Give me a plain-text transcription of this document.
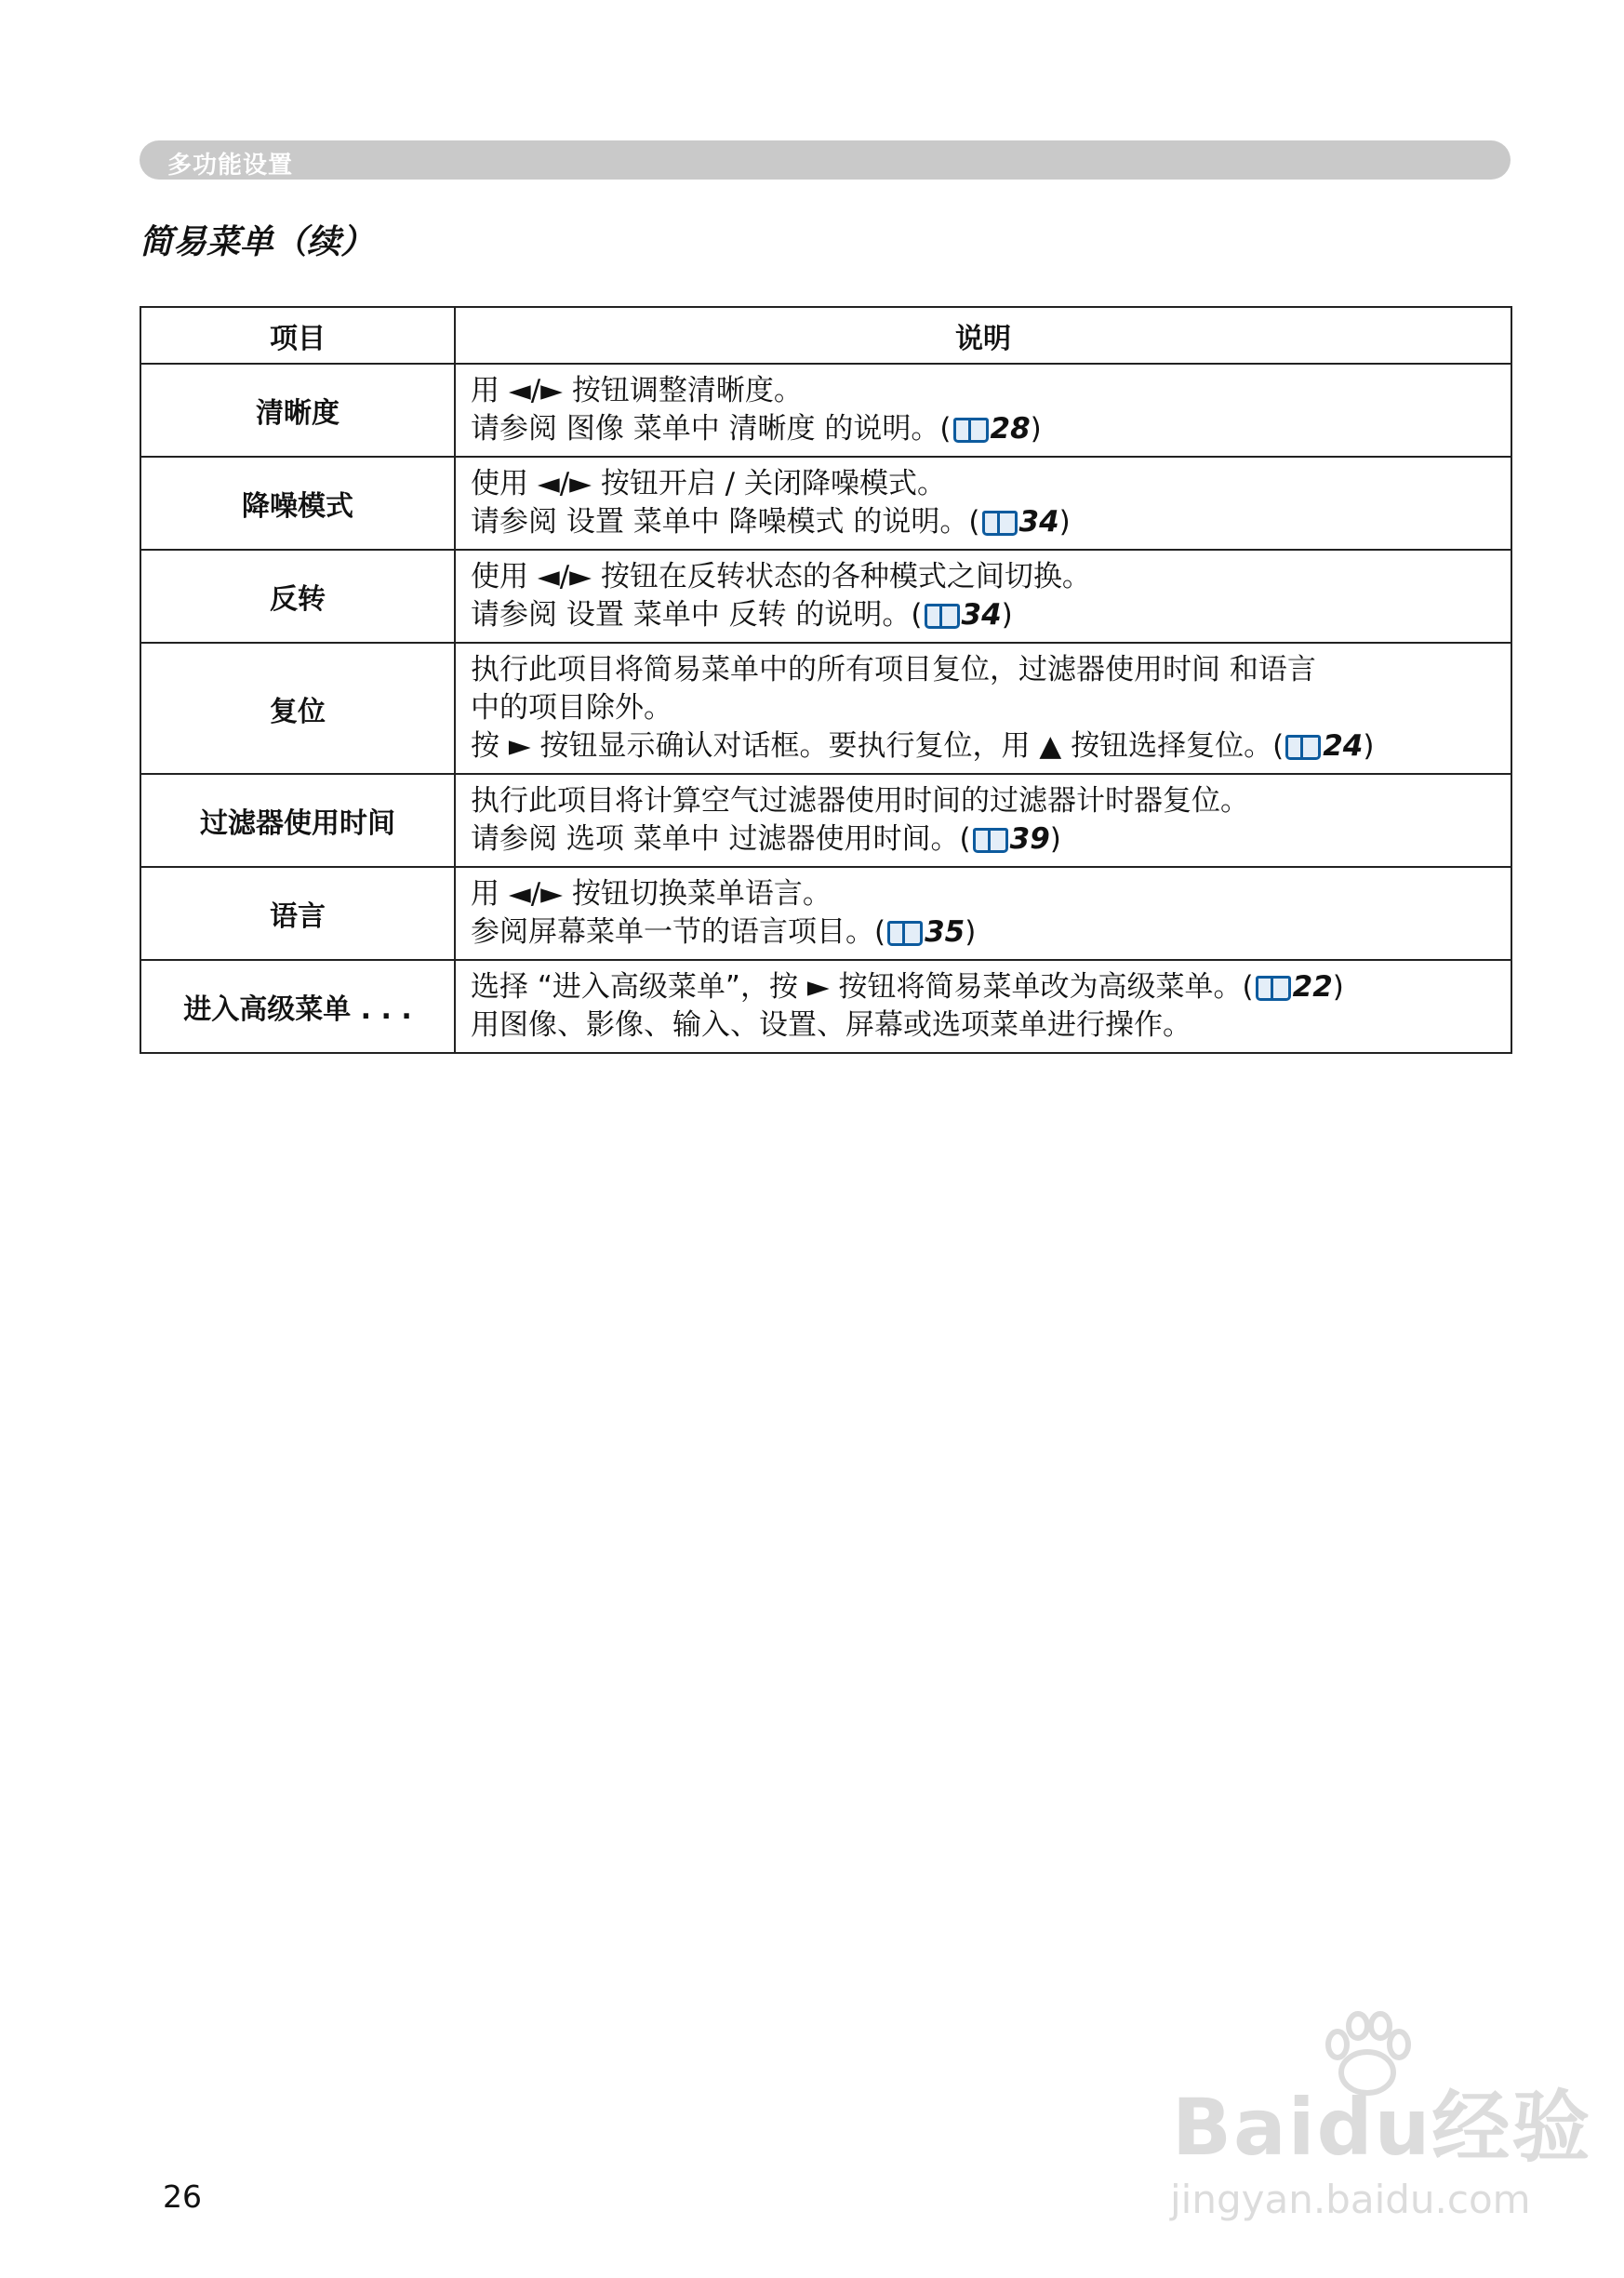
多功能设置
简易菜单（续）
项目	说明
清晰度	用 ◄/► 按钮调整清晰度。
请参阅 图像 菜单中 清晰度 的说明。( 28)

降噪模式	使用 ◄/► 按钮开启 / 关闭降噪模式。
请参阅 设置 菜单中 降噪模式 的说明。( 34)

反转	使用 ◄/► 按钮在反转状态的各种模式之间切换。
请参阅 设置 菜单中 反转 的说明。( 34)

复位	执行此项目将简易菜单中的所有项目复位，过滤器使用时间 和语言
中的项目除外。
按 ► 按钮显示确认对话框。要执行复位，用 ▲ 按钮选择复位。( 24)

过滤器使用时间	执行此项目将计算空气过滤器使用时间的过滤器计时器复位。
请参阅 选项 菜单中 过滤器使用时间。( 39)

语言	用 ◄/► 按钮切换菜单语言。
参阅屏幕菜单一节的语言项目。( 35)

进入高级菜单 . . .	选择 “进入高级菜单”，按 ► 按钮将简易菜单改为高级菜单。( 22)
用图像、影像、输入、设置、屏幕或选项菜单进行操作。
26
Baidu经验
jingyan.baidu.com
